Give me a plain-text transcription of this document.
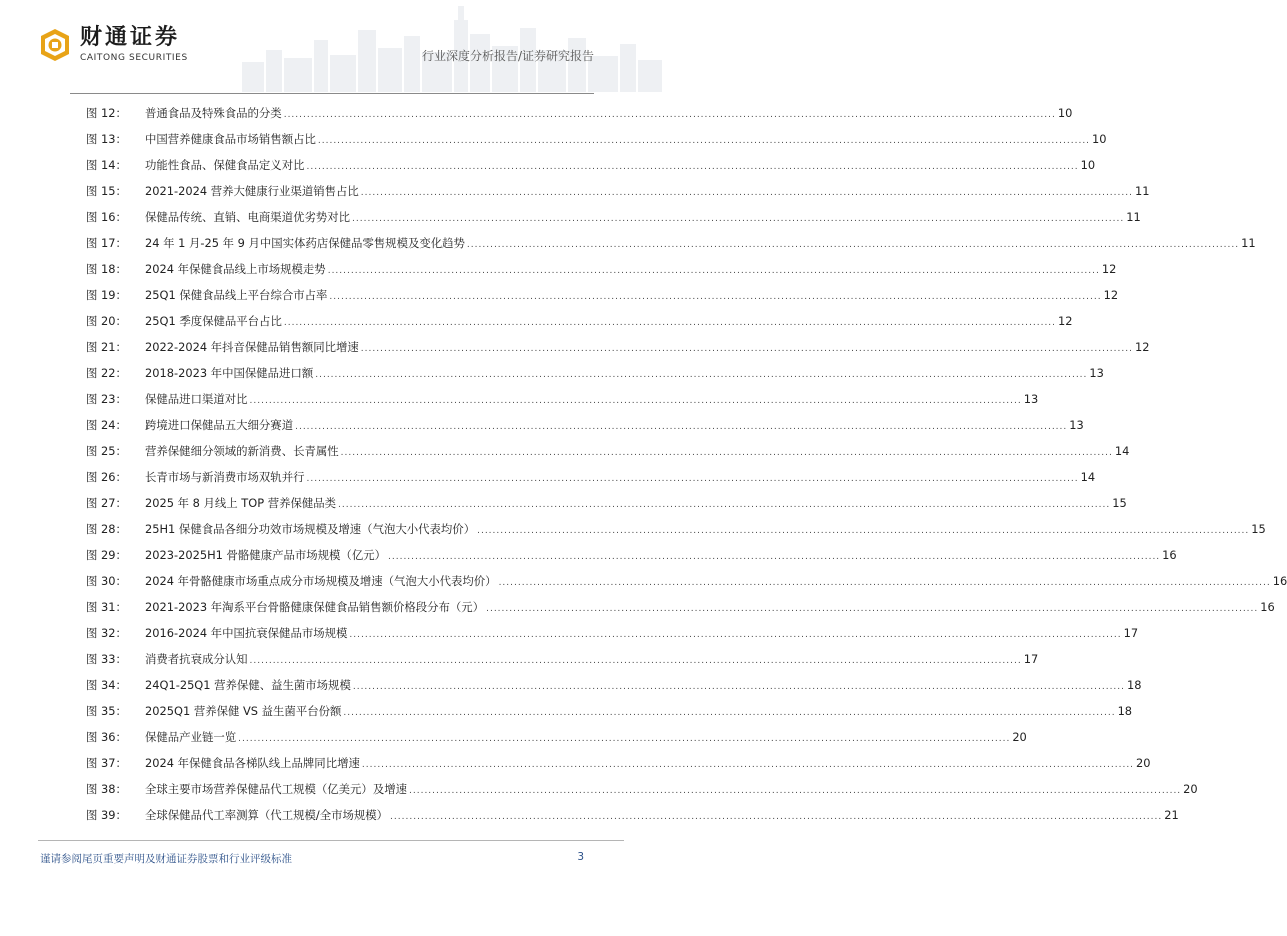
财通证券
CAITONG SECURITIES	行业深度分析报告/证券研究报告
图 12：	普通食品及特殊食品的分类 ........................................................................................................................................................................................................ 10
图 13：	中国营养健康食品市场销售额占比 ........................................................................................................................................................................................................ 10
图 14：	功能性食品、保健食品定义对比 ........................................................................................................................................................................................................ 10
图 15：	2021-2024 营养大健康行业渠道销售占比 ........................................................................................................................................................................................................ 11
图 16：	保健品传统、直销、电商渠道优劣势对比 ........................................................................................................................................................................................................ 11
图 17：	24 年 1 月-25 年 9 月中国实体药店保健品零售规模及变化趋势 ........................................................................................................................................................................................................ 11
图 18：	2024 年保健食品线上市场规模走势 ........................................................................................................................................................................................................ 12
图 19：	25Q1 保健食品线上平台综合市占率 ........................................................................................................................................................................................................ 12
图 20：	25Q1 季度保健品平台占比 ........................................................................................................................................................................................................ 12
图 21：	2022-2024 年抖音保健品销售额同比增速 ........................................................................................................................................................................................................ 12
图 22：	2018-2023 年中国保健品进口额 ........................................................................................................................................................................................................ 13
图 23：	保健品进口渠道对比 ........................................................................................................................................................................................................ 13
图 24：	跨境进口保健品五大细分赛道 ........................................................................................................................................................................................................ 13
图 25：	营养保健细分领域的新消费、长青属性 ........................................................................................................................................................................................................ 14
图 26：	长青市场与新消费市场双轨并行 ........................................................................................................................................................................................................ 14
图 27：	2025 年 8 月线上 TOP 营养保健品类 ........................................................................................................................................................................................................ 15
图 28：	25H1 保健食品各细分功效市场规模及增速（气泡大小代表均价） ........................................................................................................................................................................................................ 15
图 29：	2023-2025H1 骨骼健康产品市场规模（亿元） ........................................................................................................................................................................................................ 16
图 30：	2024 年骨骼健康市场重点成分市场规模及增速（气泡大小代表均价） ........................................................................................................................................................................................................ 16
图 31：	2021-2023 年淘系平台骨骼健康保健食品销售额价格段分布（元） ........................................................................................................................................................................................................ 16
图 32：	2016-2024 年中国抗衰保健品市场规模 ........................................................................................................................................................................................................ 17
图 33：	消费者抗衰成分认知 ........................................................................................................................................................................................................ 17
图 34：	24Q1-25Q1 营养保健、益生菌市场规模 ........................................................................................................................................................................................................ 18
图 35：	2025Q1 营养保健 VS 益生菌平台份额 ........................................................................................................................................................................................................ 18
图 36：	保健品产业链一览 ........................................................................................................................................................................................................ 20
图 37：	2024 年保健食品各梯队线上品牌同比增速 ........................................................................................................................................................................................................ 20
图 38：	全球主要市场营养保健品代工规模（亿美元）及增速 ........................................................................................................................................................................................................ 20
图 39：	全球保健品代工率测算（代工规模/全市场规模） ........................................................................................................................................................................................................ 21
谨请参阅尾页重要声明及财通证券股票和行业评级标准	3
